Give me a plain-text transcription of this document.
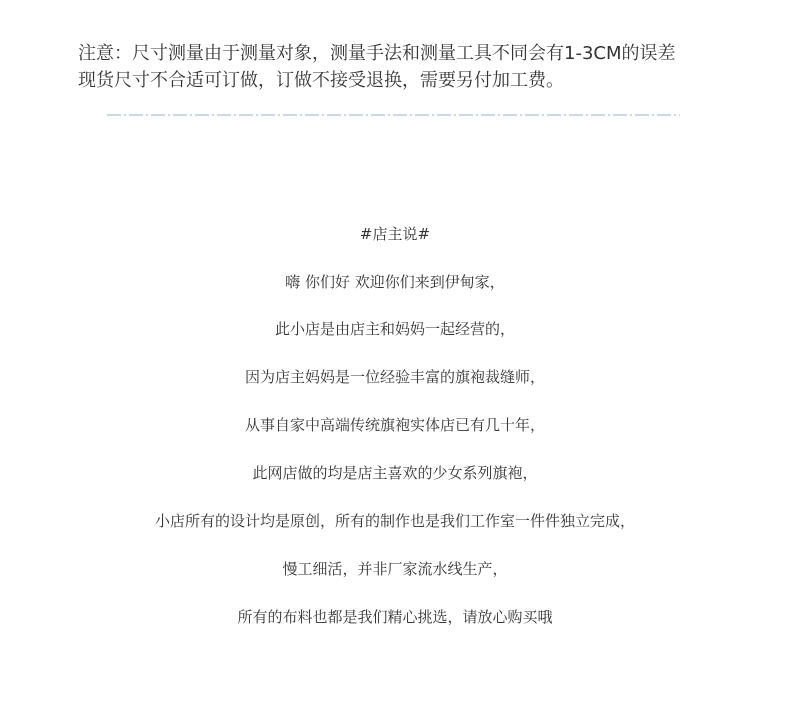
注意：尺寸测量由于测量对象，测量手法和测量工具不同会有1-3CM的误差

现货尺寸不合适可订做，订做不接受退换，需要另付加工费。

#店主说#

嗨 你们好 欢迎你们来到伊甸家，

此小店是由店主和妈妈一起经营的，

因为店主妈妈是一位经验丰富的旗袍裁缝师，

从事自家中高端传统旗袍实体店已有几十年，

此网店做的均是店主喜欢的少女系列旗袍，

小店所有的设计均是原创，所有的制作也是我们工作室一件件独立完成，

慢工细活，并非厂家流水线生产，

所有的布料也都是我们精心挑选，请放心购买哦
